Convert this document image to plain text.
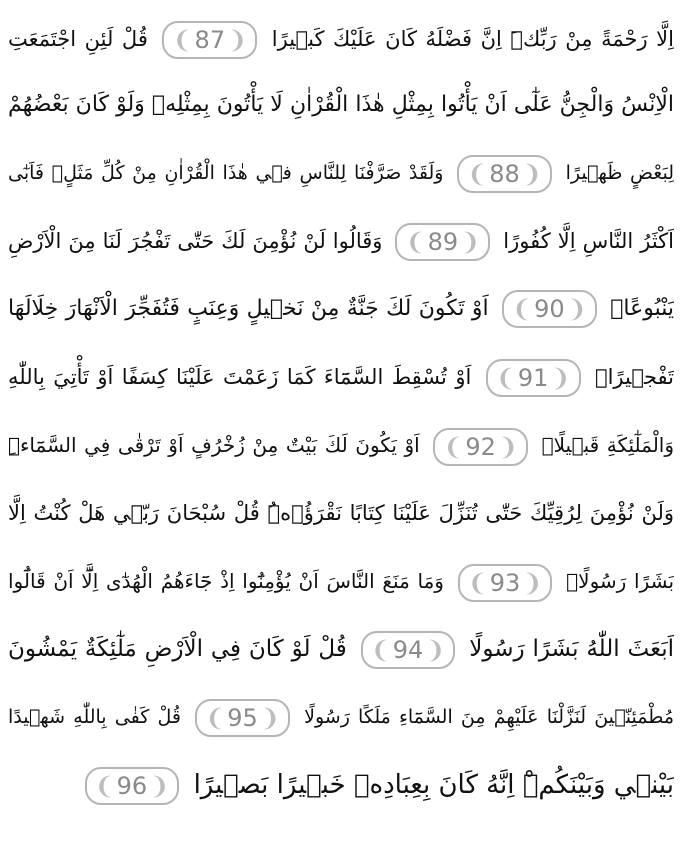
اِلَّا رَحْمَةً مِنْ رَبِّكَۜ اِنَّ فَضْلَهُ كَانَ عَلَيْكَ كَب۪يرًا ❨ 87 ❩ قُلْ لَئِنِ اجْتَمَعَتِ
الْاِنْسُ وَالْجِنُّ عَلٰٓى اَنْ يَأْتُوا بِمِثْلِ هٰذَا الْقُرْاٰنِ لَا يَأْتُونَ بِمِثْلِه۪ وَلَوْ كَانَ بَعْضُهُمْ
لِبَعْضٍ ظَه۪يرًا ❨ 88 ❩ وَلَقَدْ صَرَّفْنَا لِلنَّاسِ ف۪ي هٰذَا الْقُرْاٰنِ مِنْ كُلِّ مَثَلٍۘ فَاَبٰٓى
اَكْثَرُ النَّاسِ اِلَّا كُفُورًا ❨ 89 ❩ وَقَالُوا لَنْ نُؤْمِنَ لَكَ حَتّٰى تَفْجُرَ لَنَا مِنَ الْاَرْضِ
يَنْبُوعًاۙ ❨ 90 ❩ اَوْ تَكُونَ لَكَ جَنَّةٌ مِنْ نَخ۪يلٍ وَعِنَبٍ فَتُفَجِّرَ الْاَنْهَارَ خِلَالَهَا
تَفْج۪يرًاۙ ❨ 91 ❩ اَوْ تُسْقِطَ السَّمَٓاءَ كَمَا زَعَمْتَ عَلَيْنَا كِسَفًا اَوْ تَأْتِيَ بِاللّٰهِ
وَالْمَلٰٓئِكَةِ قَب۪يلًاۙ ❨ 92 ❩ اَوْ يَكُونَ لَكَ بَيْتٌ مِنْ زُخْرُفٍ اَوْ تَرْقٰى فِي السَّمَٓاءِۜ
وَلَنْ نُؤْمِنَ لِرُقِيِّكَ حَتّٰى تُنَزِّلَ عَلَيْنَا كِتَابًا نَقْرَؤُ۬هُۜ قُلْ سُبْحَانَ رَبّ۪ي هَلْ كُنْتُ اِلَّا
بَشَرًا رَسُولًا۟ ❨ 93 ❩ وَمَا مَنَعَ النَّاسَ اَنْ يُؤْمِنُٓوا اِذْ جَٓاءَهُمُ الْهُدٰٓى اِلَّٓا اَنْ قَالُٓوا
اَبَعَثَ اللّٰهُ بَشَرًا رَسُولًا ❨ 94 ❩ قُلْ لَوْ كَانَ فِي الْاَرْضِ مَلٰٓئِكَةٌ يَمْشُونَ
مُطْمَئِنّ۪ينَ لَنَزَّلْنَا عَلَيْهِمْ مِنَ السَّمَٓاءِ مَلَكًا رَسُولًا ❨ 95 ❩ قُلْ كَفٰى بِاللّٰهِ شَه۪يدًا
بَيْن۪ي وَبَيْنَكُمْۜ اِنَّهُ كَانَ بِعِبَادِه۪ خَب۪يرًا بَص۪يرًا ❨ 96 ❩
